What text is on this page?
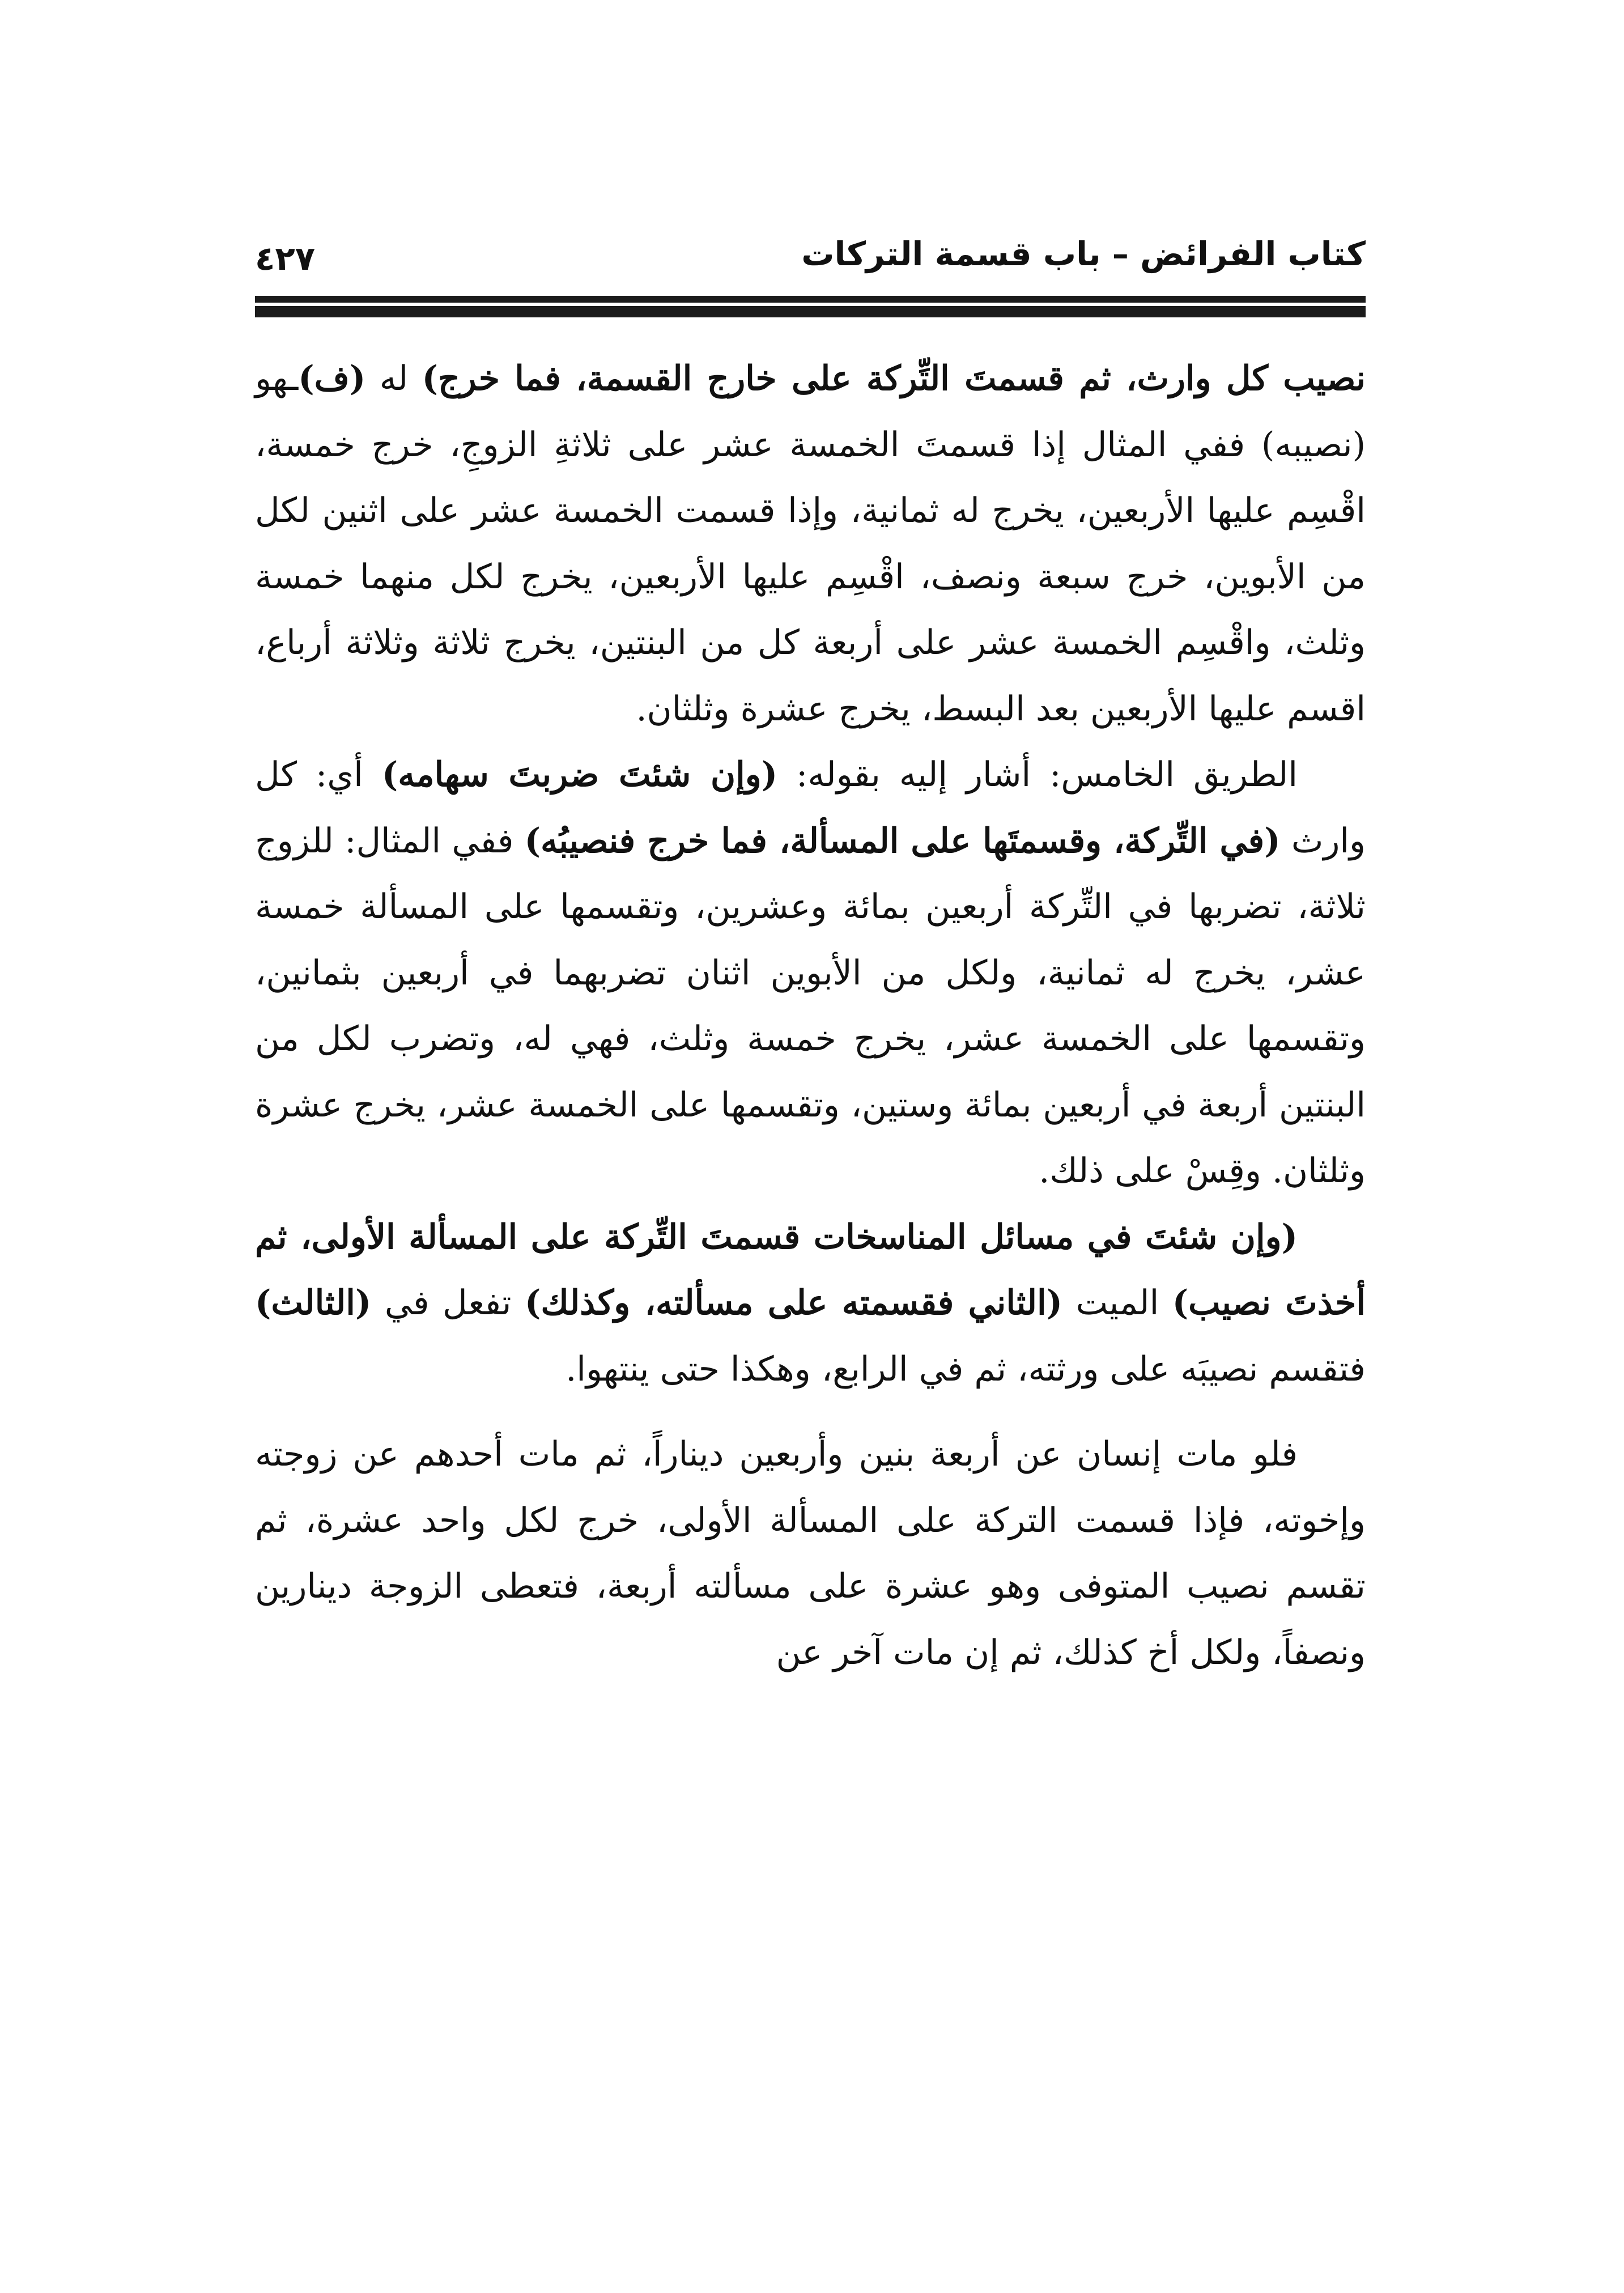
كتاب الفرائض – باب قسمة التركات
٤٢٧

نصيب كل وارث، ثم قسمتَ التِّركة على خارج القسمة، فما خرج) له (ف)ـهو (نصيبه) ففي المثال إذا قسمتَ الخمسة عشر على ثلاثةِ الزوجِ، خرج خمسة، اقْسِم عليها الأربعين، يخرج له ثمانية، وإذا قسمت الخمسة عشر على اثنين لكل من الأبوين، خرج سبعة ونصف، اقْسِم عليها الأربعين، يخرج لكل منهما خمسة وثلث، واقْسِم الخمسة عشر على أربعة كل من البنتين، يخرج ثلاثة وثلاثة أرباع، اقسم عليها الأربعين بعد البسط، يخرج عشرة وثلثان.

الطريق الخامس: أشار إليه بقوله: (وإن شئتَ ضربتَ سهامه) أي: كل وارث (في التِّركة، وقسمتَها على المسألة، فما خرج فنصيبُه) ففي المثال: للزوج ثلاثة، تضربها في التِّركة أربعين بمائة وعشرين، وتقسمها على المسألة خمسة عشر، يخرج له ثمانية، ولكل من الأبوين اثنان تضربهما في أربعين بثمانين، وتقسمها على الخمسة عشر، يخرج خمسة وثلث، فهي له، وتضرب لكل من البنتين أربعة في أربعين بمائة وستين، وتقسمها على الخمسة عشر، يخرج عشرة وثلثان. وقِسْ على ذلك.

(وإن شئتَ في مسائل المناسخات قسمتَ التِّركة على المسألة الأولى، ثم أخذتَ نصيب) الميت (الثاني فقسمته على مسألته، وكذلك) تفعل في (الثالث) فتقسم نصيبَه على ورثته، ثم في الرابع، وهكذا حتى ينتهوا.

فلو مات إنسان عن أربعة بنين وأربعين ديناراً، ثم مات أحدهم عن زوجته وإخوته، فإذا قسمت التركة على المسألة الأولى، خرج لكل واحد عشرة، ثم تقسم نصيب المتوفى وهو عشرة على مسألته أربعة، فتعطى الزوجة دينارين ونصفاً، ولكل أخ كذلك، ثم إن مات آخر عن
